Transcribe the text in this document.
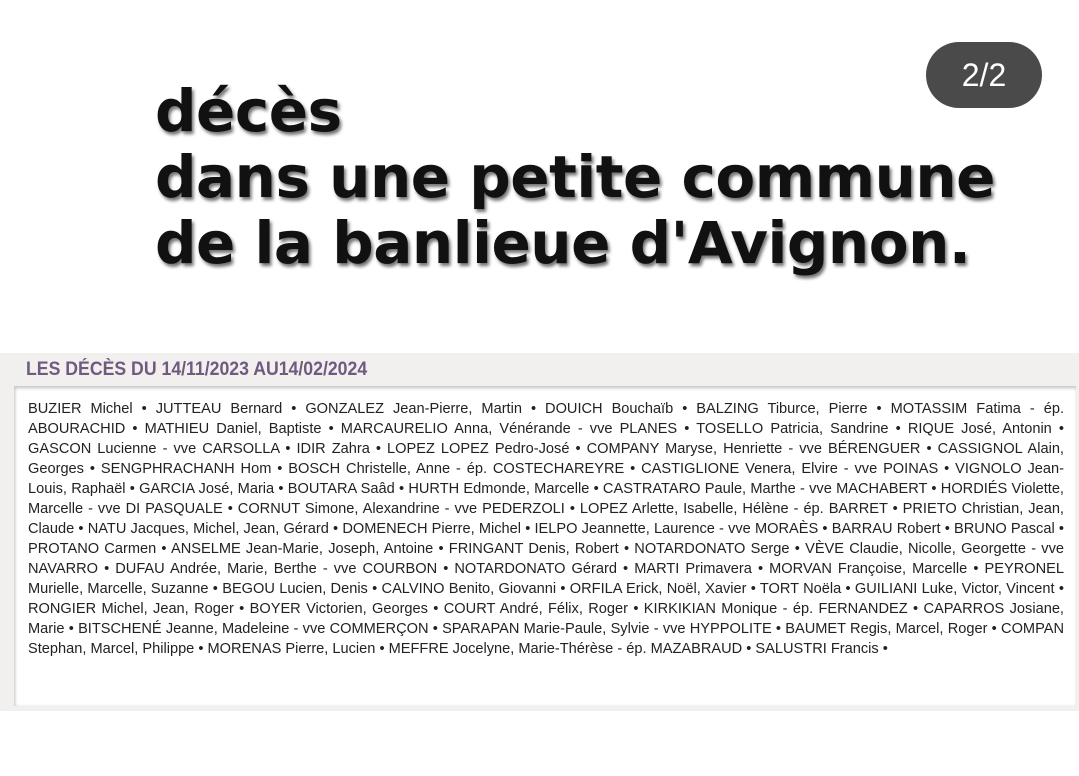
décès
dans une petite commune
de la banlieue d'Avignon.
2/2
LES DÉCÈS DU 14/11/2023 AU14/02/2024
BUZIER Michel • JUTTEAU Bernard • GONZALEZ Jean-Pierre, Martin • DOUICH Bouchaïb • BALZING Tiburce, Pierre • MOTASSIM Fatima - ép. ABOURACHID • MATHIEU Daniel, Baptiste • MARCAURELIO Anna, Vénérande - vve PLANES • TOSELLO Patricia, Sandrine • RIQUE José, Antonin • GASCON Lucienne - vve CARSOLLA • IDIR Zahra • LOPEZ LOPEZ Pedro-José • COMPANY Maryse, Henriette - vve BÉRENGUER • CASSIGNOL Alain, Georges • SENGPHRACHANH Hom • BOSCH Christelle, Anne - ép. COSTECHAREYRE • CASTIGLIONE Venera, Elvire - vve POINAS • VIGNOLO Jean-Louis, Raphaël • GARCIA José, Maria • BOUTARA Saâd • HURTH Edmonde, Marcelle • CASTRATARO Paule, Marthe - vve MACHABERT • HORDIÉS Violette, Marcelle - vve DI PASQUALE • CORNUT Simone, Alexandrine - vve PEDERZOLI • LOPEZ Arlette, Isabelle, Hélène - ép. BARRET • PRIETO Christian, Jean, Claude • NATU Jacques, Michel, Jean, Gérard • DOMENECH Pierre, Michel • IELPO Jeannette, Laurence - vve MORAÈS • BARRAU Robert • BRUNO Pascal • PROTANO Carmen • ANSELME Jean-Marie, Joseph, Antoine • FRINGANT Denis, Robert • NOTARDONATO Serge • VÈVE Claudie, Nicolle, Georgette - vve NAVARRO • DUFAU Andrée, Marie, Berthe - vve COURBON • NOTARDONATO Gérard • MARTI Primavera • MORVAN Françoise, Marcelle • PEYRONEL Murielle, Marcelle, Suzanne • BEGOU Lucien, Denis • CALVINO Benito, Giovanni • ORFILA Erick, Noël, Xavier • TORT Noëla • GUILIANI Luke, Victor, Vincent • RONGIER Michel, Jean, Roger • BOYER Victorien, Georges • COURT André, Félix, Roger • KIRKIKIAN Monique - ép. FERNANDEZ • CAPARROS Josiane, Marie • BITSCHENÉ Jeanne, Madeleine - vve COMMERÇON • SPARAPAN Marie-Paule, Sylvie - vve HYPPOLITE • BAUMET Regis, Marcel, Roger • COMPAN Stephan, Marcel, Philippe • MORENAS Pierre, Lucien • MEFFRE Jocelyne, Marie-Thérèse - ép. MAZABRAUD • SALUSTRI Francis •
